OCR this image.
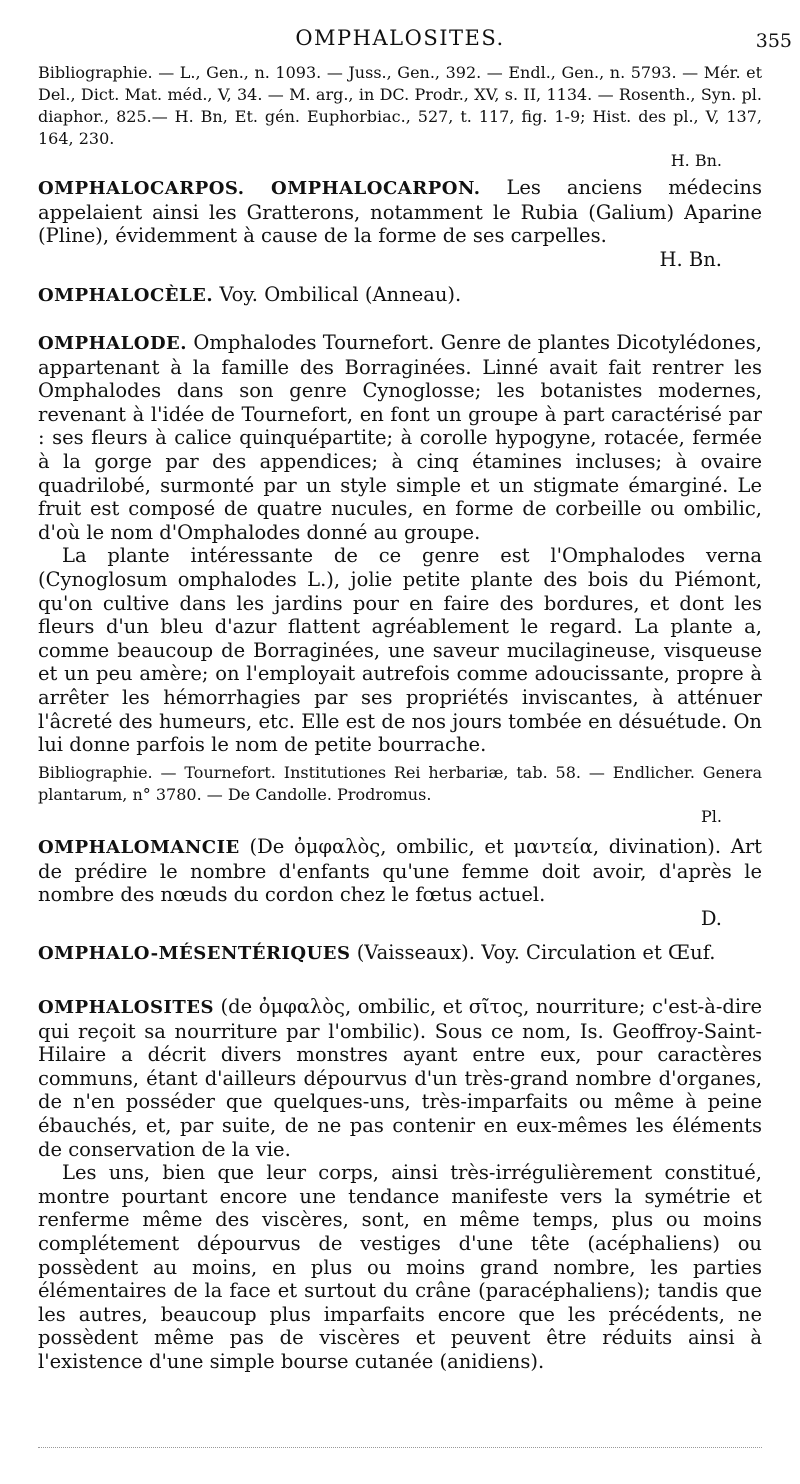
OMPHALOSITES.	355
Bibliographie. — L., Gen., n. 1093. — Juss., Gen., 392. — Endl., Gen., n. 5793. — Mér. et Del., Dict. Mat. méd., V, 34. — M. arg., in DC. Prodr., XV, s. II, 1134. — Rosenth., Syn. pl. diaphor., 825.— H. Bn, Et. gén. Euphorbiac., 527, t. 117, fig. 1-9; Hist. des pl., V, 137, 164, 230.
H. Bn.
OMPHALOCARPOS. OMPHALOCARPON. Les anciens médecins appelaient ainsi les Gratterons, notamment le Rubia (Galium) Aparine (Pline), évidemment à cause de la forme de ses carpelles.
H. Bn.
OMPHALOCÈLE. Voy. Ombilical (Anneau).
OMPHALODE. Omphalodes Tournefort. Genre de plantes Dicotylédones, appartenant à la famille des Borraginées. Linné avait fait rentrer les Omphalodes dans son genre Cynoglosse; les botanistes modernes, revenant à l'idée de Tournefort, en font un groupe à part caractérisé par : ses fleurs à calice quinquépartite; à corolle hypogyne, rotacée, fermée à la gorge par des appendices; à cinq étamines incluses; à ovaire quadrilobé, surmonté par un style simple et un stigmate émarginé. Le fruit est composé de quatre nucules, en forme de corbeille ou ombilic, d'où le nom d'Omphalodes donné au groupe.
La plante intéressante de ce genre est l'Omphalodes verna (Cynoglosum omphalodes L.), jolie petite plante des bois du Piémont, qu'on cultive dans les jardins pour en faire des bordures, et dont les fleurs d'un bleu d'azur flattent agréablement le regard. La plante a, comme beaucoup de Borraginées, une saveur mucilagineuse, visqueuse et un peu amère; on l'employait autrefois comme adoucissante, propre à arrêter les hémorrhagies par ses propriétés inviscantes, à atténuer l'âcreté des humeurs, etc. Elle est de nos jours tombée en désuétude. On lui donne parfois le nom de petite bourrache.
Bibliographie. — Tournefort. Institutiones Rei herbariæ, tab. 58. — Endlicher. Genera plantarum, n° 3780. — De Candolle. Prodromus.
Pl.
OMPHALOMANCIE (De ὀμφαλὸς, ombilic, et μαντεία, divination). Art de prédire le nombre d'enfants qu'une femme doit avoir, d'après le nombre des nœuds du cordon chez le fœtus actuel.
D.
OMPHALO-MÉSENTÉRIQUES (Vaisseaux). Voy. Circulation et Œuf.
OMPHALOSITES (de ὀμφαλὸς, ombilic, et σῖτος, nourriture; c'est-à-dire qui reçoit sa nourriture par l'ombilic). Sous ce nom, Is. Geoffroy-Saint-Hilaire a décrit divers monstres ayant entre eux, pour caractères communs, étant d'ailleurs dépourvus d'un très-grand nombre d'organes, de n'en posséder que quelques-uns, très-imparfaits ou même à peine ébauchés, et, par suite, de ne pas contenir en eux-mêmes les éléments de conservation de la vie.
Les uns, bien que leur corps, ainsi très-irrégulièrement constitué, montre pourtant encore une tendance manifeste vers la symétrie et renferme même des viscères, sont, en même temps, plus ou moins complétement dépourvus de vestiges d'une tête (acéphaliens) ou possèdent au moins, en plus ou moins grand nombre, les parties élémentaires de la face et surtout du crâne (paracéphaliens); tandis que les autres, beaucoup plus imparfaits encore que les précédents, ne possèdent même pas de viscères et peuvent être réduits ainsi à l'existence d'une simple bourse cutanée (anidiens).
